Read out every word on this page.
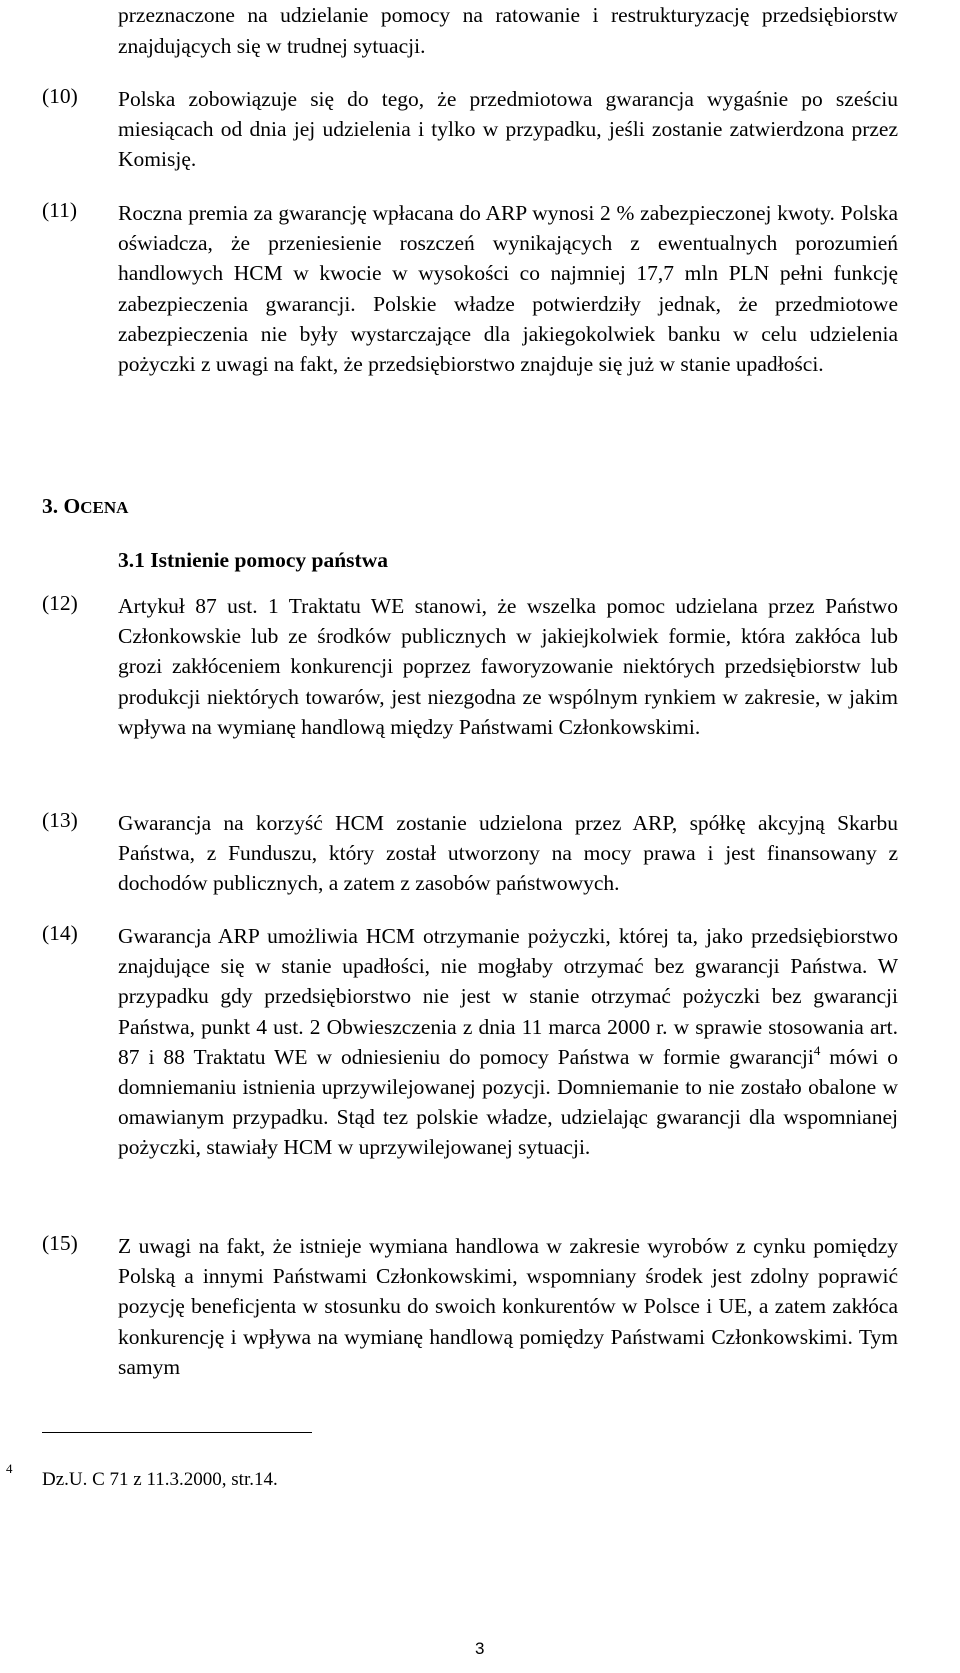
przeznaczone na udzielanie pomocy na ratowanie i restrukturyzację przedsiębiorstw znajdujących się w trudnej sytuacji.
(10)	Polska zobowiązuje się do tego, że przedmiotowa gwarancja wygaśnie po sześciu miesiącach od dnia jej udzielenia i tylko w przypadku, jeśli zostanie zatwierdzona przez Komisję.
(11)	Roczna premia za gwarancję wpłacana do ARP wynosi 2 % zabezpieczonej kwoty. Polska oświadcza, że przeniesienie roszczeń wynikających z ewentualnych porozumień handlowych HCM w kwocie w wysokości co najmniej 17,7 mln PLN pełni funkcję zabezpieczenia gwarancji. Polskie władze potwierdziły jednak, że przedmiotowe zabezpieczenia nie były wystarczające dla jakiegokolwiek banku w celu udzielenia pożyczki z uwagi na fakt, że przedsiębiorstwo znajduje się już w stanie upadłości.
3. OCENA
3.1 Istnienie pomocy państwa
(12)	Artykuł 87 ust. 1 Traktatu WE stanowi, że wszelka pomoc udzielana przez Państwo Członkowskie lub ze środków publicznych w jakiejkolwiek formie, która zakłóca lub grozi zakłóceniem konkurencji poprzez faworyzowanie niektórych przedsiębiorstw lub produkcji niektórych towarów, jest niezgodna ze wspólnym rynkiem w zakresie, w jakim wpływa na wymianę handlową między Państwami Członkowskimi.
(13)	Gwarancja na korzyść HCM zostanie udzielona przez ARP, spółkę akcyjną Skarbu Państwa, z Funduszu, który został utworzony na mocy prawa i jest finansowany z dochodów publicznych, a zatem z zasobów państwowych.
(14)	Gwarancja ARP umożliwia HCM otrzymanie pożyczki, której ta, jako przedsiębiorstwo znajdujące się w stanie upadłości, nie mogłaby otrzymać bez gwarancji Państwa. W przypadku gdy przedsiębiorstwo nie jest w stanie otrzymać pożyczki bez gwarancji Państwa, punkt 4 ust. 2 Obwieszczenia z dnia 11 marca 2000 r. w sprawie stosowania art. 87 i 88 Traktatu WE w odniesieniu do pomocy Państwa w formie gwarancji$^4$ mówi o domniemaniu istnienia uprzywilejowanej pozycji. Domniemanie to nie zostało obalone w omawianym przypadku. Stąd tez polskie władze, udzielając gwarancji dla wspomnianej pożyczki, stawiały HCM w uprzywilejowanej sytuacji.
(15)	Z uwagi na fakt, że istnieje wymiana handlowa w zakresie wyrobów z cynku pomiędzy Polską a innymi Państwami Członkowskimi, wspomniany środek jest zdolny poprawić pozycję beneficjenta w stosunku do swoich konkurentów w Polsce i UE, a zatem zakłóca konkurencję i wpływa na wymianę handlową pomiędzy Państwami Członkowskimi. Tym samym
4
Dz.U. C 71 z 11.3.2000, str.14.
3
